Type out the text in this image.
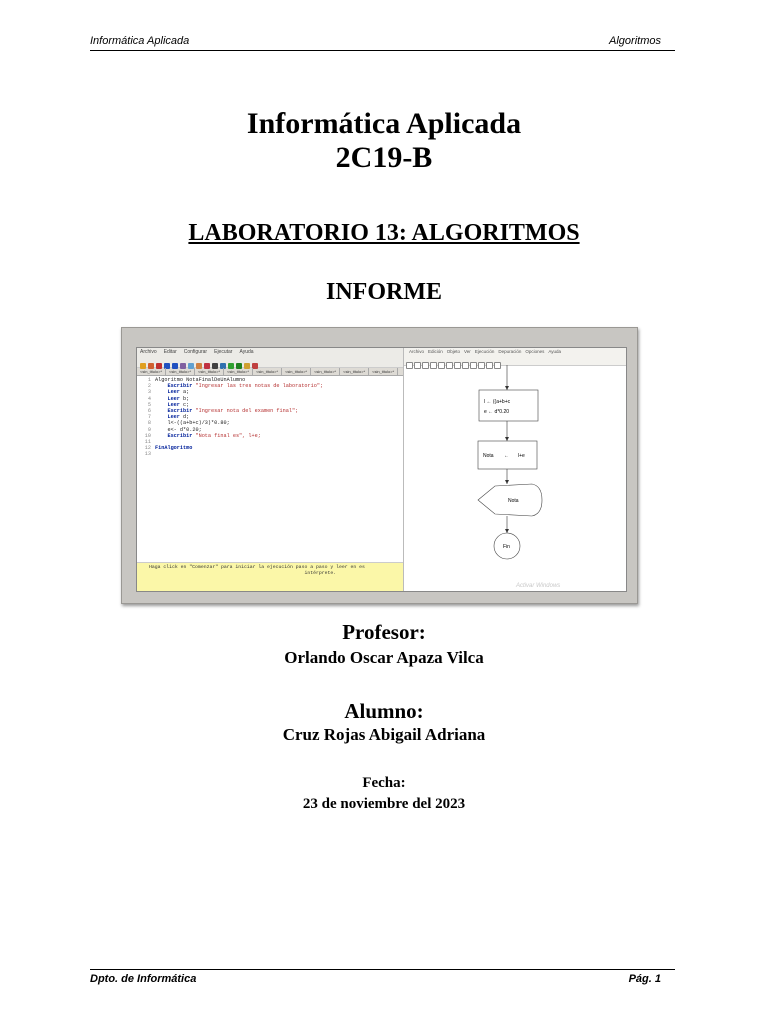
Informática Aplicada	Algoritmos
Informática Aplicada
2C19-B
LABORATORIO 13: ALGORITMOS
INFORME
Archivo Editar Configurar Ejecutar Ayuda
<sin_titulo>* <sin_titulo>* <sin_titulo>* <sin_titulo>* <sin_titulo>* <sin_titulo>* <sin_titulo>* <sin_titulo>* <sin_titulo>*
1 Algoritmo NotaFinalDeUnAlumno
2	Escribir "Ingresar las tres notas de laboratorio";
3	Leer a;
4	Leer b;
5	Leer c;
6	Escribir "Ingresar nota del examen final";
7	Leer d;
8	l<-((a+b+c)/3)*0.80;
9	e<- d*0.20;
10	Escribir "Nota final es", l+e;
11
12 FinAlgoritmo
13
Haga click en "Comenzar" para iniciar la ejecución paso a paso y leer en es
intérprete.
Archivo Edición Objeto Ver Ejecución Depuración Opciones Ayuda
l ← ((a+b+c
e ← d*0.20
Nota ← l+e
Nota
Fin
Activar Windows
Profesor:
Orlando Oscar Apaza Vilca
Alumno:
Cruz Rojas Abigail Adriana
Fecha:
23 de noviembre del 2023
Dpto. de Informática	Pág. 1
